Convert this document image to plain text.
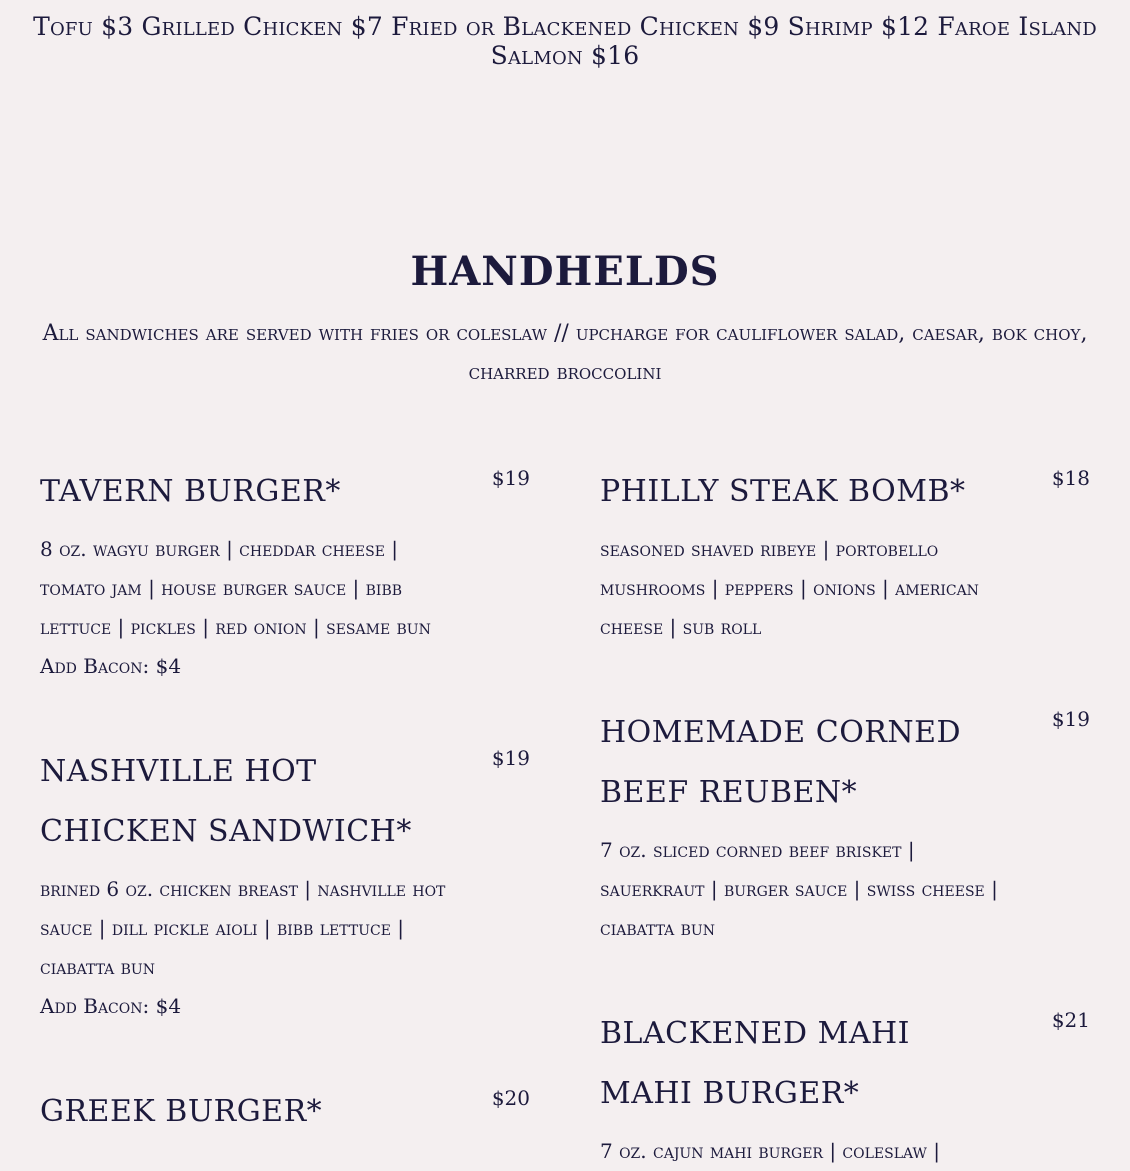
Tofu $3 Grilled Chicken $7 Fried or Blackened Chicken $9 Shrimp $12 Faroe Island Salmon $16
HANDHELDS
All sandwiches are served with fries or coleslaw // upcharge for cauliflower salad, caesar, bok choy, charred broccolini
TAVERN BURGER*	$19
8 oz. wagyu burger | cheddar cheese | tomato jam | house burger sauce | bibb lettuce | pickles | red onion | sesame bun
Add Bacon: $4
NASHVILLE HOT CHICKEN SANDWICH*
$19
brined 6 oz. chicken breast | nashville hot sauce | dill pickle aioli | bibb lettuce | ciabatta bun
Add Bacon: $4
GREEK BURGER*	$20
PHILLY STEAK BOMB*	$18
seasoned shaved ribeye | portobello mushrooms | peppers | onions | american cheese | sub roll
HOMEMADE CORNED BEEF REUBEN*
$19
7 oz. sliced corned beef brisket | sauerkraut | burger sauce | swiss cheese | ciabatta bun
BLACKENED MAHI MAHI BURGER*
$21
7 oz. cajun mahi burger | coleslaw |
